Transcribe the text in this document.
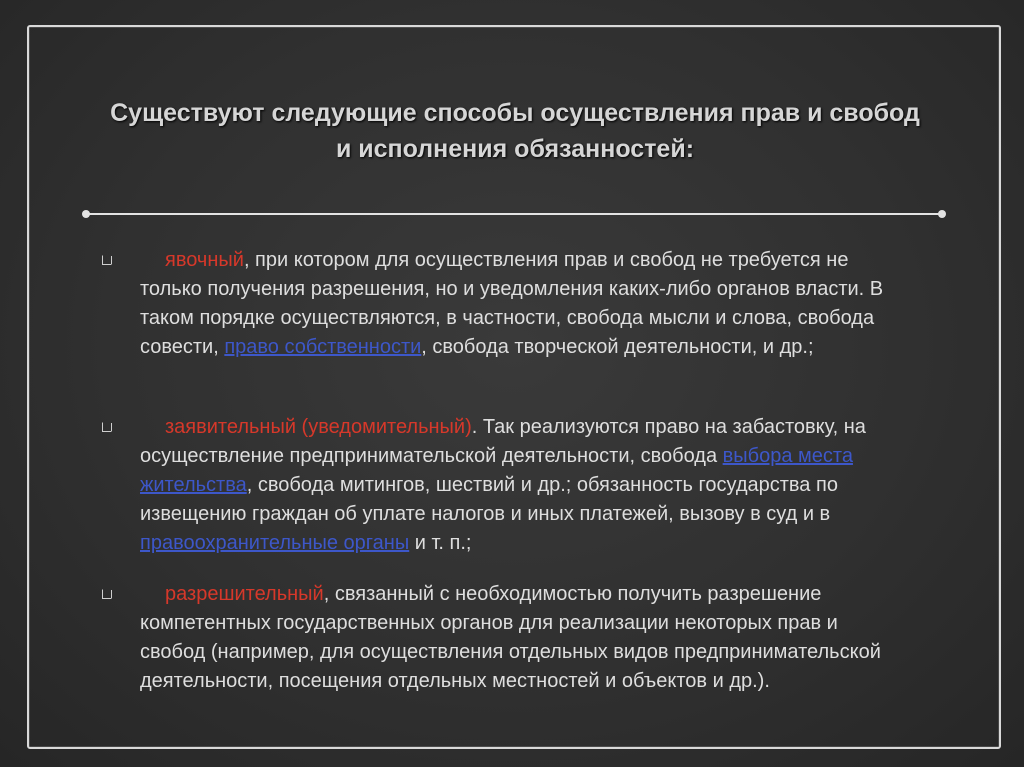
Существуют следующие способы осуществления прав и свобод и исполнения обязанностей:
явочный, при котором для осуществления прав и свобод не требуется не только получения разрешения, но и уведомления каких-либо органов власти. В таком порядке осуществляются, в частности, свобода мысли и слова, свобода совести, право собственности, свобода творческой деятельности, и др.;
заявительный (уведомительный). Так реализуются право на забастовку, на осуществление предпринимательской деятельности, свобода выбора места жительства, свобода митингов, шествий и др.; обязанность государства по извещению граждан об уплате налогов и иных платежей, вызову в суд и в правоохранительные органы и т. п.;
разрешительный, связанный с необходимостью получить разрешение компетентных государственных органов для реализации некоторых прав и свобод (например, для осуществления отдельных видов предпринимательской деятельности, посещения отдельных местностей и объектов и др.).
